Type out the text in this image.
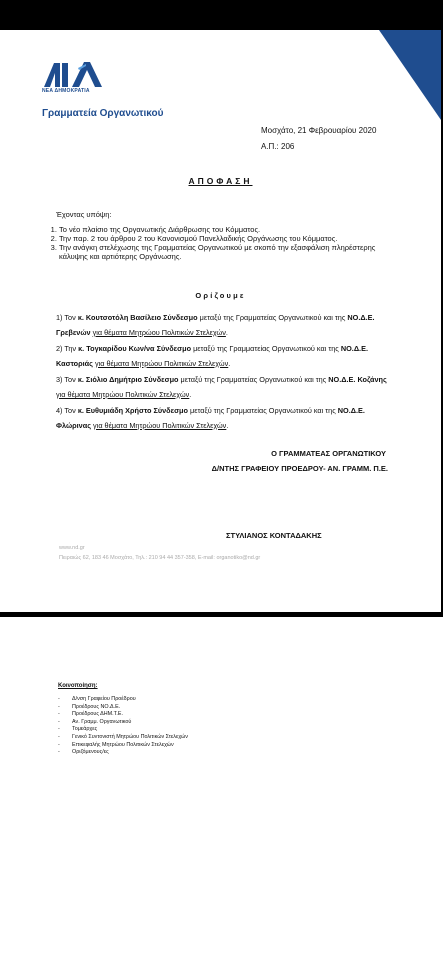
ΝΕΑ ΔΗΜΟΚΡΑΤΙΑ
Γραμματεία Οργανωτικού
Μοσχάτο, 21 Φεβρουαρίου 2020
Α.Π.: 206
ΑΠΟΦΑΣΗ
Έχοντας υπόψη:
1. Το νέο πλαίσιο της Οργανωτικής Διάρθρωσης του Κόμματος.
2. Την παρ. 2 του άρθρου 2 του Κανονισμού Πανελλαδικής Οργάνωσης του Κόμματος.
3. Την ανάγκη στελέχωσης της Γραμματείας Οργανωτικού με σκοπό την εξασφάλιση πληρέστερης κάλυψης και αρτιότερης Οργάνωσης.
Ορίζουμε
1) Τον κ. Κουτσοτόλη Βασίλειο Σύνδεσμο μεταξύ της Γραμματείας Οργανωτικού και της ΝΟ.Δ.Ε. Γρεβενών για θέματα Μητρώου Πολιτικών Στελεχών.
2) Την κ. Τογκαρίδου Κων/να Σύνδεσμο μεταξύ της Γραμματείας Οργανωτικού και της ΝΟ.Δ.Ε. Καστοριάς για θέματα Μητρώου Πολιτικών Στελεχών.
3) Τον κ. Σιόλιο Δημήτριο Σύνδεσμο μεταξύ της Γραμματείας Οργανωτικού και της ΝΟ.Δ.Ε. Κοζάνης για θέματα Μητρώου Πολιτικών Στελεχών.
4) Τον κ. Ευθυμιάδη Χρήστο Σύνδεσμο μεταξύ της Γραμματείας Οργανωτικού και της ΝΟ.Δ.Ε. Φλώρινας για θέματα Μητρώου Πολιτικών Στελεχών.
Ο ΓΡΑΜΜΑΤΕΑΣ ΟΡΓΑΝΩΤΙΚΟΥ
Δ/ΝΤΗΣ ΓΡΑΦΕΙΟΥ ΠΡΟΕΔΡΟΥ- ΑΝ. ΓΡΑΜΜ. Π.Ε.
ΣΤΥΛΙΑΝΟΣ ΚΟΝΤΑΔΑΚΗΣ
www.nd.gr
Πειραιώς 62, 183 46 Μοσχάτο, Τηλ.: 210 94 44 357-358, E-mail: organotiko@nd.gr
Κοινοποίηση:
- Δ/νση Γραφείου Προέδρου
- Προέδρους ΝΟ.Δ.Ε.
- Προέδρους ΔΗΜ.Τ.Ε.
- Αν. Γραμμ. Οργανωτικού
- Τομεάρχες
- Γενικό Συντονιστή Μητρώου Πολιτικών Στελεχών
- Επικεφαλής Μητρώου Πολιτικών Στελεχών
- Οριζόμενους/ες
